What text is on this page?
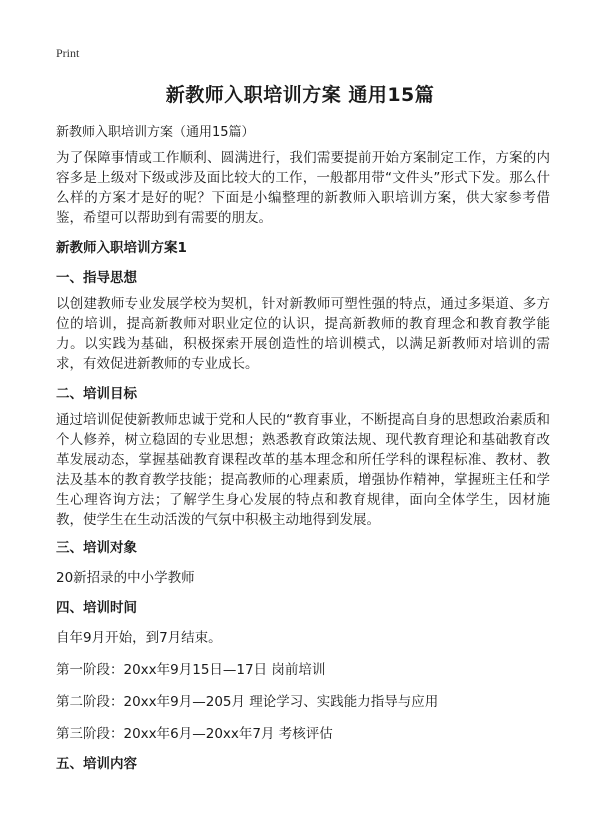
Print
新教师入职培训方案 通用15篇
新教师入职培训方案（通用15篇）
为了保障事情或工作顺利、圆满进行，我们需要提前开始方案制定工作，方案的内容多是上级对下级或涉及面比较大的工作，一般都用带“文件头”形式下发。那么什么样的方案才是好的呢？下面是小编整理的新教师入职培训方案，供大家参考借鉴，希望可以帮助到有需要的朋友。
新教师入职培训方案1
一、指导思想
以创建教师专业发展学校为契机，针对新教师可塑性强的特点，通过多渠道、多方位的培训，提高新教师对职业定位的认识，提高新教师的教育理念和教育教学能力。以实践为基础，积极探索开展创造性的培训模式，以满足新教师对培训的需求，有效促进新教师的专业成长。
二、培训目标
通过培训促使新教师忠诚于党和人民的“教育事业，不断提高自身的思想政治素质和个人修养，树立稳固的专业思想；熟悉教育政策法规、现代教育理论和基础教育改革发展动态，掌握基础教育课程改革的基本理念和所任学科的课程标准、教材、教法及基本的教育教学技能；提高教师的心理素质，增强协作精神，掌握班主任和学生心理咨询方法；了解学生身心发展的特点和教育规律，面向全体学生，因材施教，使学生在生动活泼的气氛中积极主动地得到发展。
三、培训对象
20新招录的中小学教师
四、培训时间
自年9月开始，到7月结束。
第一阶段：20xx年9月15日—17日 岗前培训
第二阶段：20xx年9月—205月 理论学习、实践能力指导与应用
第三阶段：20xx年6月—20xx年7月 考核评估
五、培训内容
